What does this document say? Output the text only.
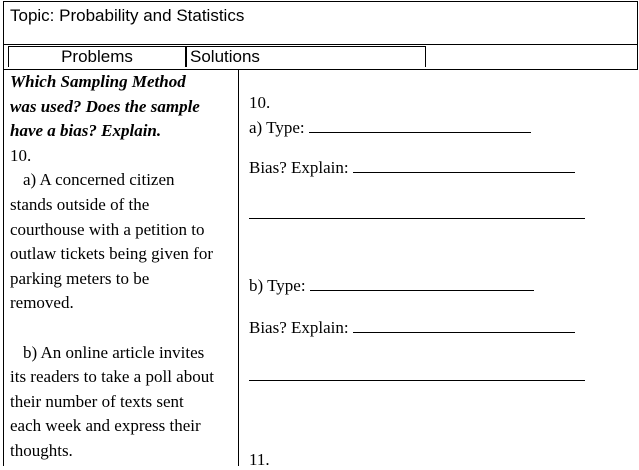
Topic: Probability and Statistics
Problems	Solutions

Which Sampling Method

was used? Does the sample

have a bias? Explain.

10.

a) A concerned citizen

stands outside of the

courthouse with a petition to

outlaw tickets being given for

parking meters to be

removed.

b) An online article invites

its readers to take a poll about

their number of texts sent

each week and express their

thoughts.

10.
a) Type:
Bias? Explain:
b) Type:
Bias? Explain:
11.
